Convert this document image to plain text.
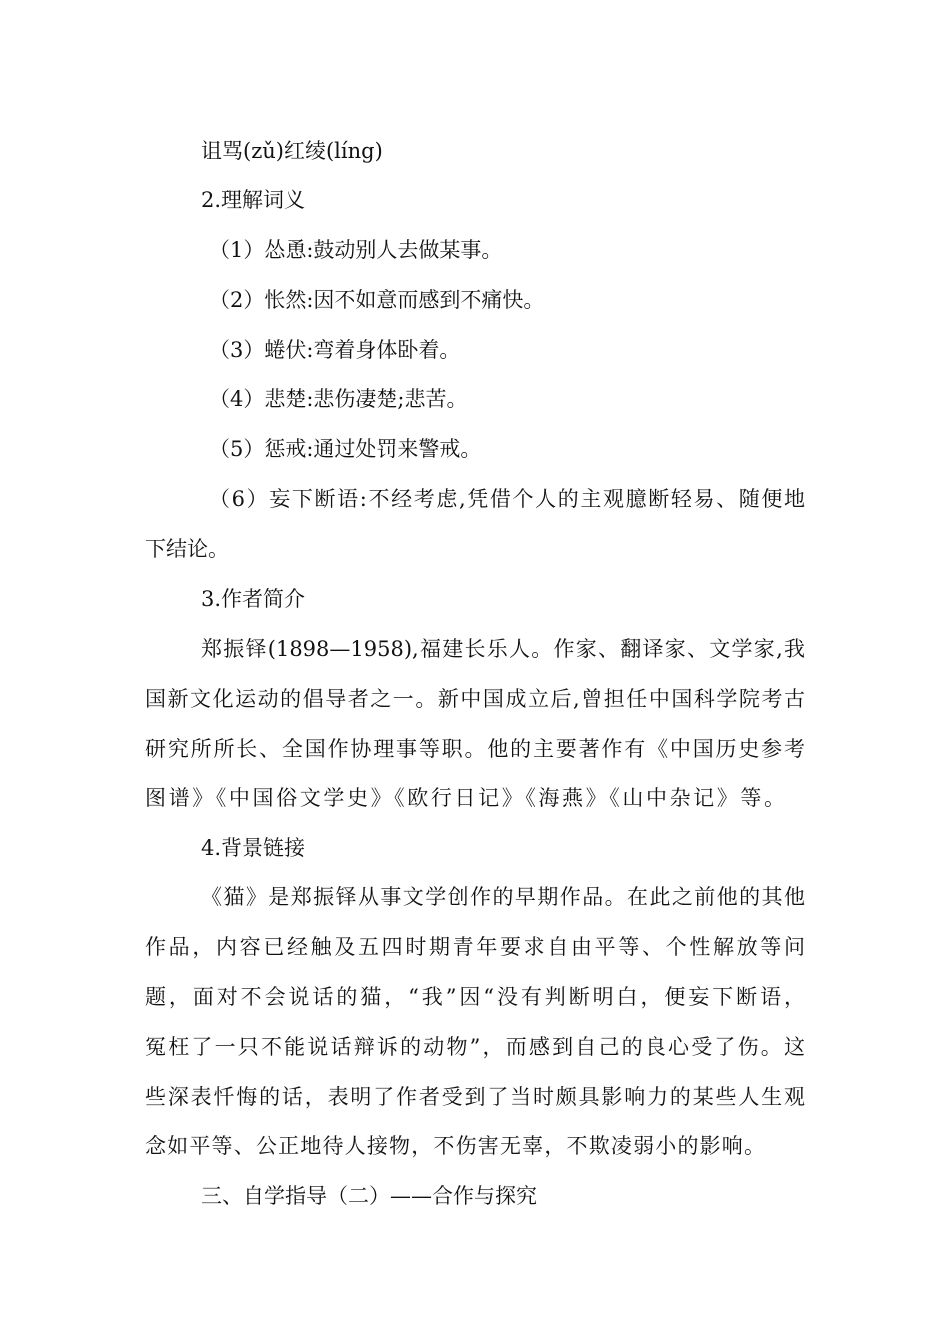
诅骂(zǔ)红绫(líng)
2.理解词义
（1）怂恿:鼓动别人去做某事。
（2）怅然:因不如意而感到不痛快。
（3）蜷伏:弯着身体卧着。
（4）悲楚:悲伤凄楚;悲苦。
（5）惩戒:通过处罚来警戒。
（6）妄下断语:不经考虑,凭借个人的主观臆断轻易、随便地
下结论。
3.作者简介
郑振铎(1898—1958),福建长乐人。作家、翻译家、文学家,我
国新文化运动的倡导者之一。新中国成立后,曾担任中国科学院考古
研究所所长、全国作协理事等职。他的主要著作有《中国历史参考
图谱》《中国俗文学史》《欧行日记》《海燕》《山中杂记》等。
4.背景链接
《猫》是郑振铎从事文学创作的早期作品。在此之前他的其他
作品，内容已经触及五四时期青年要求自由平等、个性解放等问
题，面对不会说话的猫，“我”因“没有判断明白，便妄下断语，
冤枉了一只不能说话辩诉的动物”，而感到自己的良心受了伤。这
些深表忏悔的话，表明了作者受到了当时颇具影响力的某些人生观
念如平等、公正地待人接物，不伤害无辜，不欺凌弱小的影响。
三、自学指导（二）——合作与探究
